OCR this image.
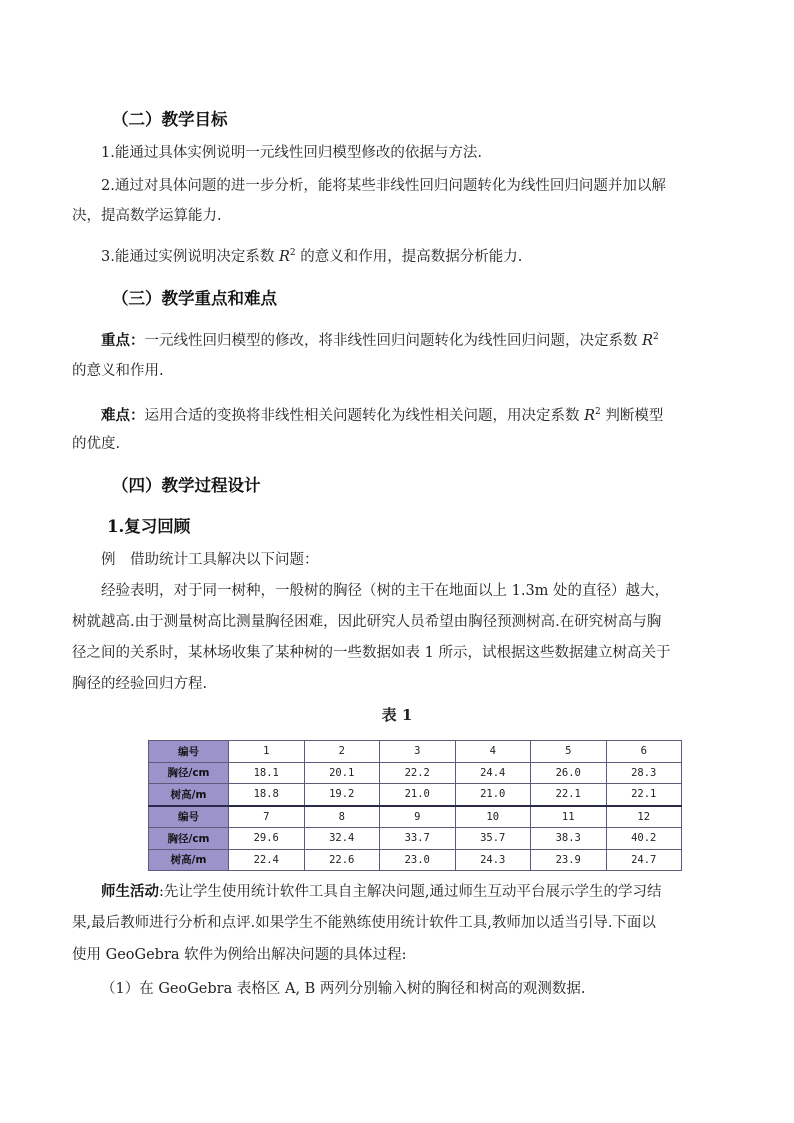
（二）教学目标
1.能通过具体实例说明一元线性回归模型修改的依据与方法.
2.通过对具体问题的进一步分析，能将某些非线性回归问题转化为线性回归问题并加以解
决，提高数学运算能力.
3.能通过实例说明决定系数 $R^2$ 的意义和作用，提高数据分析能力.
（三）教学重点和难点
重点：一元线性回归模型的修改，将非线性回归问题转化为线性回归问题，决定系数 $R^2$
的意义和作用.
难点：运用合适的变换将非线性相关问题转化为线性相关问题，用决定系数 $R^2$ 判断模型
的优度.
（四）教学过程设计
1.复习回顾
例　借助统计工具解决以下问题：
经验表明，对于同一树种，一般树的胸径（树的主干在地面以上 1.3m 处的直径）越大，
树就越高.由于测量树高比测量胸径困难，因此研究人员希望由胸径预测树高.在研究树高与胸
径之间的关系时，某林场收集了某种树的一些数据如表 1 所示，试根据这些数据建立树高关于
胸径的经验回归方程.
表 1
编号	1	2	3	4	5	6
胸径/cm	18.1	20.1	22.2	24.4	26.0	28.3
树高/m	18.8	19.2	21.0	21.0	22.1	22.1
编号	7	8	9	10	11	12
胸径/cm	29.6	32.4	33.7	35.7	38.3	40.2
树高/m	22.4	22.6	23.0	24.3	23.9	24.7
师生活动:先让学生使用统计软件工具自主解决问题,通过师生互动平台展示学生的学习结
果,最后教师进行分析和点评.如果学生不能熟练使用统计软件工具,教师加以适当引导.下面以
使用 GeoGebra 软件为例给出解决问题的具体过程:
（1）在 GeoGebra 表格区 A, B 两列分别输入树的胸径和树高的观测数据.
